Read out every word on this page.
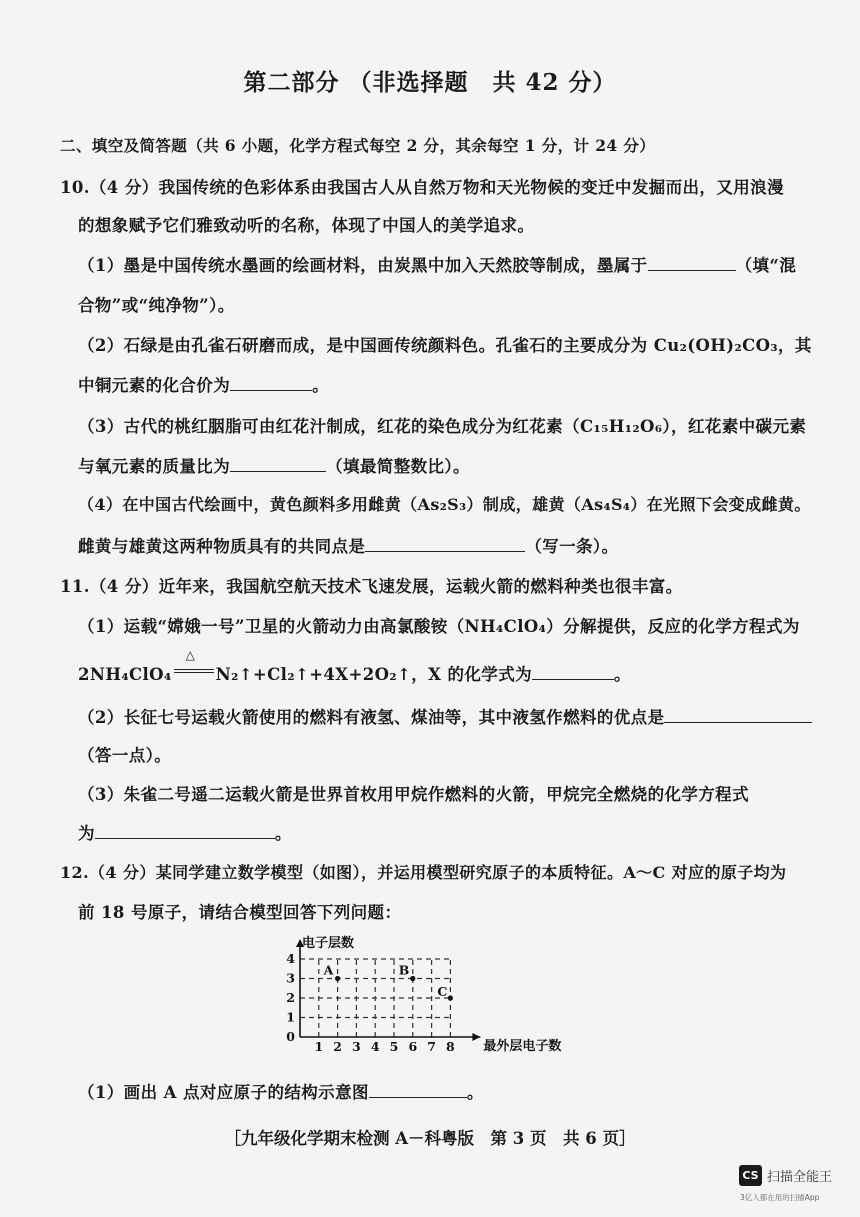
第二部分 （非选择题　共 42 分）
二、填空及简答题（共 6 小题，化学方程式每空 2 分，其余每空 1 分，计 24 分）
10.（4 分）我国传统的色彩体系由我国古人从自然万物和天光物候的变迁中发掘而出，又用浪漫
的想象赋予它们雅致动听的名称，体现了中国人的美学追求。
（1）墨是中国传统水墨画的绘画材料，由炭黑中加入天然胶等制成，墨属于	（填“混
合物”或“纯净物”）。
（2）石绿是由孔雀石研磨而成，是中国画传统颜料色。孔雀石的主要成分为 Cu₂(OH)₂CO₃，其
中铜元素的化合价为	。
（3）古代的桃红胭脂可由红花汁制成，红花的染色成分为红花素（C₁₅H₁₂O₆），红花素中碳元素
与氧元素的质量比为	（填最简整数比）。
（4）在中国古代绘画中，黄色颜料多用雌黄（As₂S₃）制成，雄黄（As₄S₄）在光照下会变成雌黄。
雌黄与雄黄这两种物质具有的共同点是	（写一条）。
11.（4 分）近年来，我国航空航天技术飞速发展，运载火箭的燃料种类也很丰富。
（1）运载“嫦娥一号”卫星的火箭动力由高氯酸铵（NH₄ClO₄）分解提供，反应的化学方程式为
2NH₄ClO₄
△
N₂↑+Cl₂↑+4X+2O₂↑，X 的化学式为	。
（2）长征七号运载火箭使用的燃料有液氢、煤油等，其中液氢作燃料的优点是
（答一点）。
（3）朱雀二号遥二运载火箭是世界首枚用甲烷作燃料的火箭，甲烷完全燃烧的化学方程式
为	。
12.（4 分）某同学建立数学模型（如图），并运用模型研究原子的本质特征。A～C 对应的原子均为
前 18 号原子，请结合模型回答下列问题：
电子层数
最外层电子数
1 2 3 4 5 6 7 8
0
1
2
3
4
A	B
C
（1）画出 A 点对应原子的结构示意图	。
［九年级化学期末检测 A－科粤版　第 3 页　共 6 页］
CS 扫描全能王
3亿人都在用的扫描App
